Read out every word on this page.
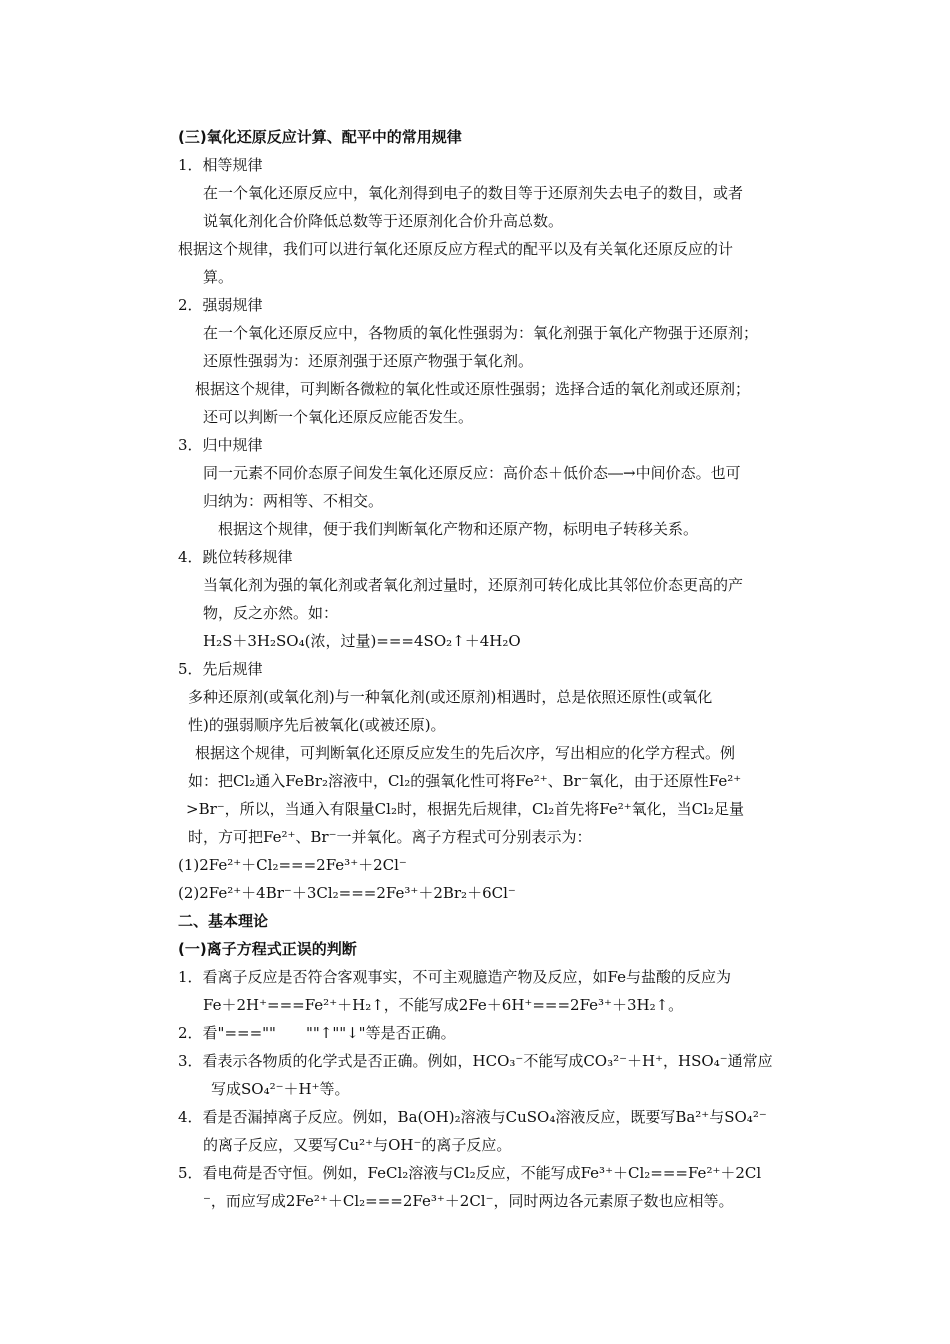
(三)氧化还原反应计算、配平中的常用规律
1．相等规律
在一个氧化还原反应中，氧化剂得到电子的数目等于还原剂失去电子的数目，或者
说氧化剂化合价降低总数等于还原剂化合价升高总数。
根据这个规律，我们可以进行氧化还原反应方程式的配平以及有关氧化还原反应的计
算。
2．强弱规律
在一个氧化还原反应中，各物质的氧化性强弱为：氧化剂强于氧化产物强于还原剂；
还原性强弱为：还原剂强于还原产物强于氧化剂。
根据这个规律，可判断各微粒的氧化性或还原性强弱；选择合适的氧化剂或还原剂；
还可以判断一个氧化还原反应能否发生。
3．归中规律
同一元素不同价态原子间发生氧化还原反应：高价态＋低价态―→中间价态。也可
归纳为：两相等、不相交。
根据这个规律，便于我们判断氧化产物和还原产物，标明电子转移关系。
4．跳位转移规律
当氧化剂为强的氧化剂或者氧化剂过量时，还原剂可转化成比其邻位价态更高的产
物，反之亦然。如：
H₂S＋3H₂SO₄(浓，过量)===4SO₂↑＋4H₂O
5．先后规律
多种还原剂(或氧化剂)与一种氧化剂(或还原剂)相遇时，总是依照还原性(或氧化
性)的强弱顺序先后被氧化(或被还原)。
根据这个规律，可判断氧化还原反应发生的先后次序，写出相应的化学方程式。例
如：把Cl₂通入FeBr₂溶液中，Cl₂的强氧化性可将Fe²⁺、Br⁻氧化，由于还原性Fe²⁺
>Br⁻，所以，当通入有限量Cl₂时，根据先后规律，Cl₂首先将Fe²⁺氧化，当Cl₂足量
时，方可把Fe²⁺、Br⁻一并氧化。离子方程式可分别表示为：
(1)2Fe²⁺＋Cl₂===2Fe³⁺＋2Cl⁻
(2)2Fe²⁺＋4Br⁻＋3Cl₂===2Fe³⁺＋2Br₂＋6Cl⁻
二、基本理论
(一)离子方程式正误的判断
1．看离子反应是否符合客观事实，不可主观臆造产物及反应，如Fe与盐酸的反应为
Fe＋2H⁺===Fe²⁺＋H₂↑，不能写成2Fe＋6H⁺===2Fe³⁺＋3H₂↑。
2．看"===""　　""↑""↓"等是否正确。
3．看表示各物质的化学式是否正确。例如，HCO₃⁻不能写成CO₃²⁻＋H⁺，HSO₄⁻通常应
写成SO₄²⁻＋H⁺等。
4．看是否漏掉离子反应。例如，Ba(OH)₂溶液与CuSO₄溶液反应，既要写Ba²⁺与SO₄²⁻
的离子反应，又要写Cu²⁺与OH⁻的离子反应。
5．看电荷是否守恒。例如，FeCl₂溶液与Cl₂反应，不能写成Fe³⁺＋Cl₂===Fe²⁺＋2Cl
⁻，而应写成2Fe²⁺＋Cl₂===2Fe³⁺＋2Cl⁻，同时两边各元素原子数也应相等。
